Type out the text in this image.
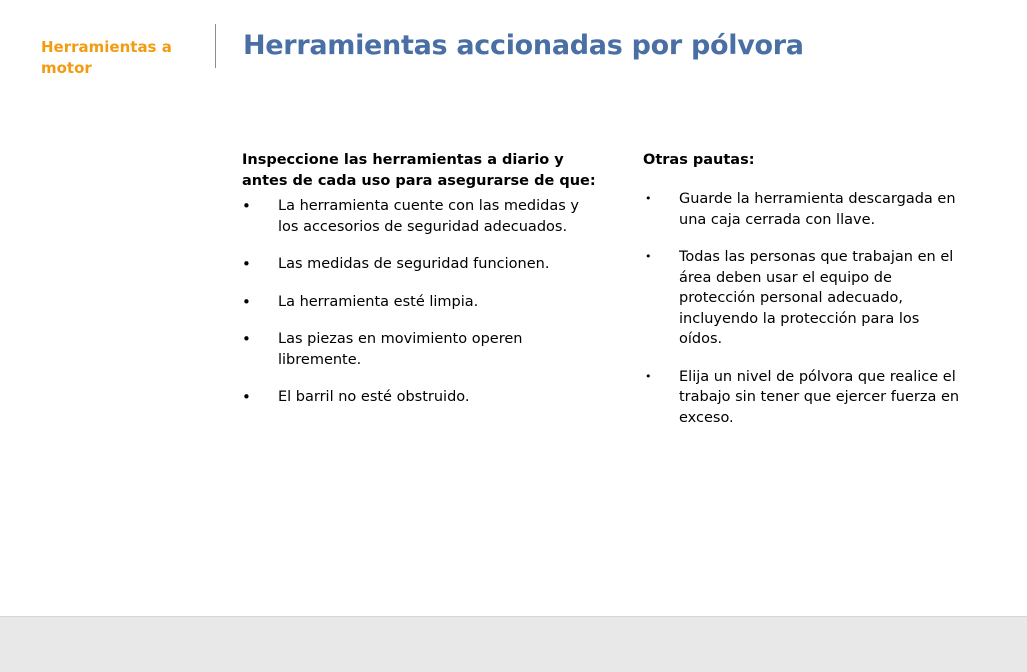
Herramientas a motor
Herramientas accionadas por pólvora

Inspeccione las herramientas a diario y antes de cada uso para asegurarse de que:

•	La herramienta cuente con las medidas y los accesorios de seguridad adecuados.
•	Las medidas de seguridad funcionen.
•	La herramienta esté limpia.
•	Las piezas en movimiento operen libremente.
•	El barril no esté obstruido.

Otras pautas:

•	Guarde la herramienta descargada en una caja cerrada con llave.
•	Todas las personas que trabajan en el área deben usar el equipo de protección personal adecuado, incluyendo la protección para los oídos.
•	Elija un nivel de pólvora que realice el trabajo sin tener que ejercer fuerza en exceso.
